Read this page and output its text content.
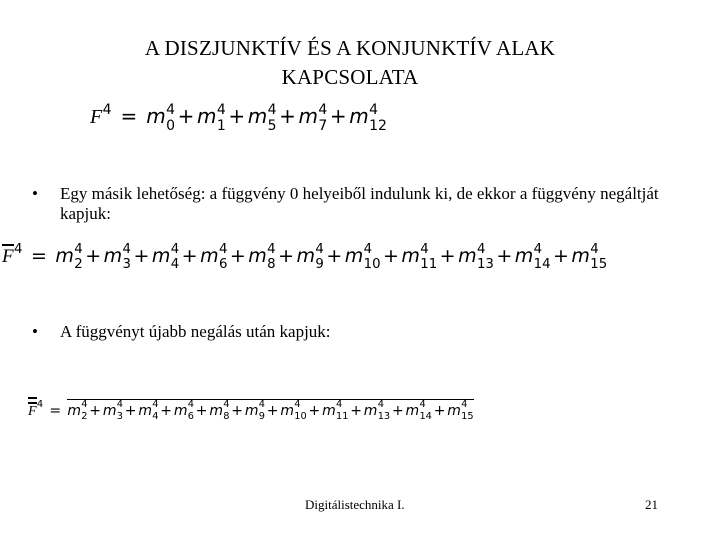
A DISZJUNKTÍV ÉS A KONJUNKTÍV ALAK
KAPCSOLATA
F 4
= m 4
0 + m 4
1 + m 4
5 + m 4
7 + m 4
12
• Egy másik lehetőség: a függvény 0 helyeiből indulunk ki, de ekkor a függvény negáltját kapjuk:
F 4
= m 4
2 + m 4
3 + m 4
4 + m 4
6 + m 4
8 + m 4
9 + m 4
10 + m 4
11 + m 4
13 + m 4
14 + m 4
15
• A függvényt újabb negálás után kapjuk:
F 4
= m 4
2 + m 4
3 + m 4
4 + m 4
6 + m 4
8 + m 4
9 + m 4
10 + m 4
11 + m 4
13 + m 4
14 + m 4
15
Digitálistechnika I.	21
